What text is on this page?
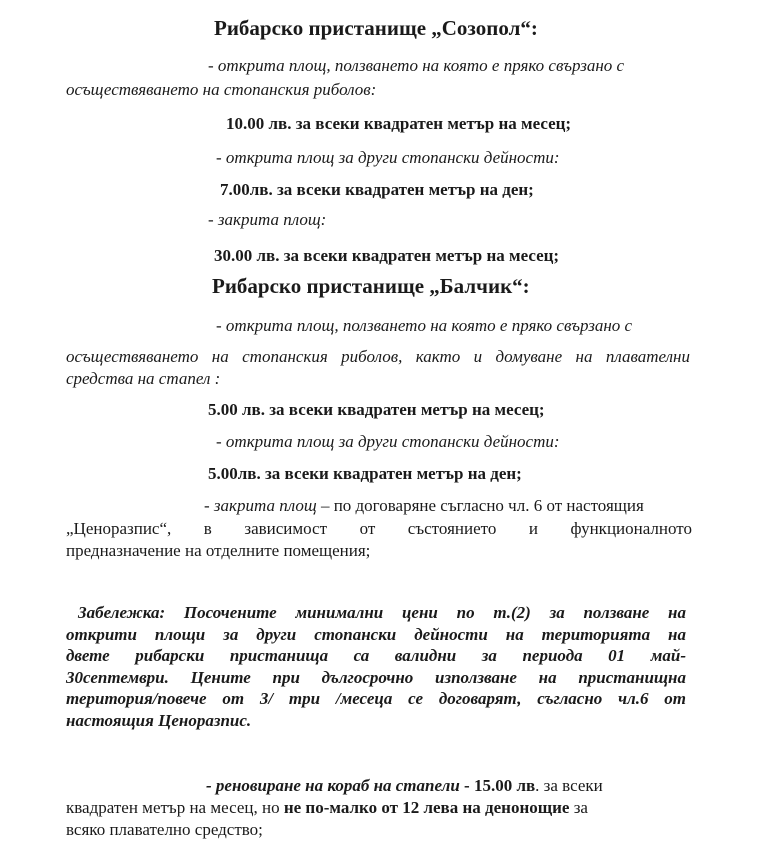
Рибарско пристанище „Созопол“:
- открита площ, ползването на която е пряко свързано с
осъществяването на стопанския риболов:
10.00 лв. за всеки квадратен метър на месец;
- открита площ за други стопански дейности:
7.00лв. за всеки квадратен метър на ден;
- закрита площ:
30.00 лв. за всеки квадратен метър на месец;
Рибарско пристанище „Балчик“:
- открита площ, ползването на която е пряко свързано с
осъществяването на стопанския риболов, както и домуване на плавателни
средства на стапел :
5.00 лв. за всеки квадратен метър на месец;
- открита площ за други стопански дейности:
5.00лв. за всеки квадратен метър на ден;
- закрита площ – по договаряне съгласно чл. 6 от настоящия
„Ценоразпис“, в зависимост от състоянието и функционалното
предназначение на отделните помещения;
Забележка: Посочените минимални цени по т.(2) за ползване на
открити площи за други стопански дейности на територията на
двете рибарски пристанища са валидни за периода 01 май-
30септември. Цените при дългосрочно използване на пристанищна
територия/повече от 3/ три /месеца се договарят, съгласно чл.6 от
настоящия Ценоразпис.
- реновиране на кораб на стапели - 15.00 лв. за всеки
квадратен метър на месец, но не по-малко от 12 лева на денонощие за
всяко плавателно средство;
